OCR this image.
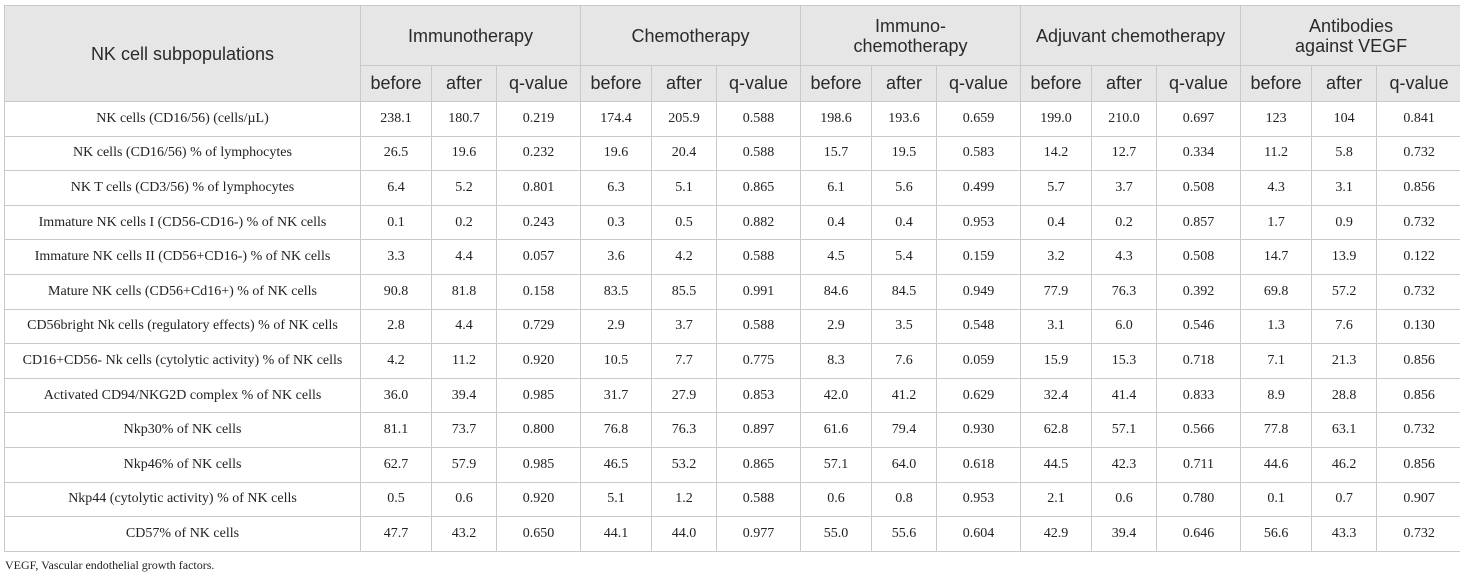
NK cell subpopulations	Immunotherapy			Chemotherapy			Immuno-
chemotherapy			Adjuvant chemotherapy			Antibodies
against VEGF		
	before	after	q-value	before	after	q-value	before	after	q-value	before	after	q-value	before	after	q-value
NK cells (CD16/56) (cells/µL)	238.1	180.7	0.219	174.4	205.9	0.588	198.6	193.6	0.659	199.0	210.0	0.697	123	104	0.841
NK cells (CD16/56) % of lymphocytes	26.5	19.6	0.232	19.6	20.4	0.588	15.7	19.5	0.583	14.2	12.7	0.334	11.2	5.8	0.732
NK T cells (CD3/56) % of lymphocytes	6.4	5.2	0.801	6.3	5.1	0.865	6.1	5.6	0.499	5.7	3.7	0.508	4.3	3.1	0.856
Immature NK cells I (CD56-CD16-) % of NK cells	0.1	0.2	0.243	0.3	0.5	0.882	0.4	0.4	0.953	0.4	0.2	0.857	1.7	0.9	0.732
Immature NK cells II (CD56+CD16-) % of NK cells	3.3	4.4	0.057	3.6	4.2	0.588	4.5	5.4	0.159	3.2	4.3	0.508	14.7	13.9	0.122
Mature NK cells (CD56+Cd16+) % of NK cells	90.8	81.8	0.158	83.5	85.5	0.991	84.6	84.5	0.949	77.9	76.3	0.392	69.8	57.2	0.732
CD56bright Nk cells (regulatory effects) % of NK cells	2.8	4.4	0.729	2.9	3.7	0.588	2.9	3.5	0.548	3.1	6.0	0.546	1.3	7.6	0.130
CD16+CD56- Nk cells (cytolytic activity) % of NK cells	4.2	11.2	0.920	10.5	7.7	0.775	8.3	7.6	0.059	15.9	15.3	0.718	7.1	21.3	0.856
Activated CD94/NKG2D complex % of NK cells	36.0	39.4	0.985	31.7	27.9	0.853	42.0	41.2	0.629	32.4	41.4	0.833	8.9	28.8	0.856
Nkp30% of NK cells	81.1	73.7	0.800	76.8	76.3	0.897	61.6	79.4	0.930	62.8	57.1	0.566	77.8	63.1	0.732
Nkp46% of NK cells	62.7	57.9	0.985	46.5	53.2	0.865	57.1	64.0	0.618	44.5	42.3	0.711	44.6	46.2	0.856
Nkp44 (cytolytic activity) % of NK cells	0.5	0.6	0.920	5.1	1.2	0.588	0.6	0.8	0.953	2.1	0.6	0.780	0.1	0.7	0.907
CD57% of NK cells	47.7	43.2	0.650	44.1	44.0	0.977	55.0	55.6	0.604	42.9	39.4	0.646	56.6	43.3	0.732
VEGF, Vascular endothelial growth factors.
